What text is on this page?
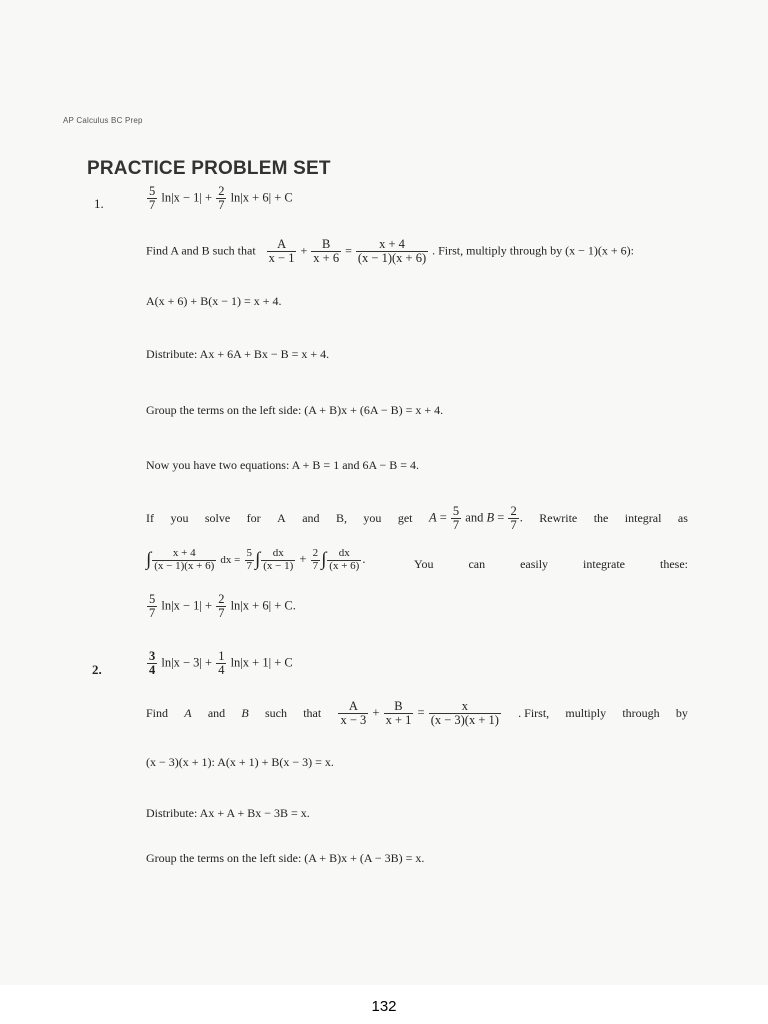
AP Calculus BC Prep
PRACTICE PROBLEM SET
1.	$\frac{5}{7} \ln|x - 1| + \frac{2}{7} \ln|x + 6| + C$
Find A and B such that $\frac{A}{x - 1} + \frac{B}{x + 6} = \frac{x + 4}{(x - 1)(x + 6)}$ . First, multiply through by (x − 1)(x + 6):
A(x + 6) + B(x − 1) = x + 4.
Distribute: Ax + 6A + Bx − B = x + 4.
Group the terms on the left side: (A + B)x + (6A − B) = x + 4.
Now you have two equations: A + B = 1 and 6A − B = 4.
If you solve for A and B, you get $A = \frac{5}{7}$ and $B = \frac{2}{7}$ . Rewrite the integral as
∫ $\frac{x + 4}{(x - 1)(x + 6)}$ dx = $\frac{5}{7}$ ∫ $\frac{dx}{(x - 1)} + \frac{2}{7}$ ∫ $\frac{dx}{(x + 6)}$ .	You	can	easily	integrate	these:
$\frac{5}{7} \ln|x - 1| + \frac{2}{7} \ln|x + 6| + C$.
2.	$\frac{3}{4} \ln|x - 3| + \frac{1}{4} \ln|x + 1| + C$
Find A and B such that $\frac{A}{x - 3} + \frac{B}{x + 1} = \frac{x}{(x - 3)(x + 1)}$ . First, multiply through by
(x − 3)(x + 1): A(x + 1) + B(x − 3) = x.
Distribute: Ax + A + Bx − 3B = x.
Group the terms on the left side: (A + B)x + (A − 3B) = x.
132
